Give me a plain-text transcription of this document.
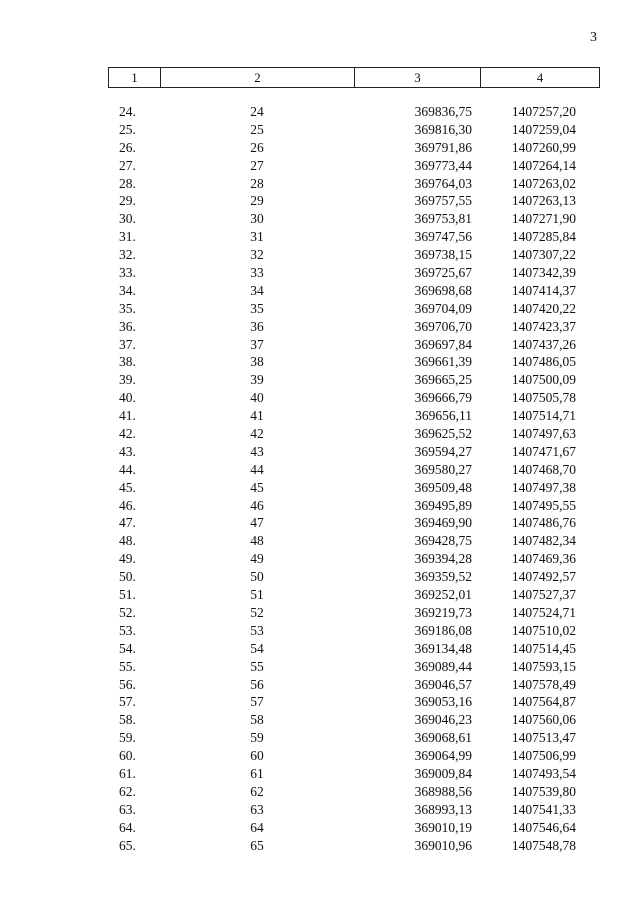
3
1	2	3	4
24.	24	369836,75	1407257,20
25.	25	369816,30	1407259,04
26.	26	369791,86	1407260,99
27.	27	369773,44	1407264,14
28.	28	369764,03	1407263,02
29.	29	369757,55	1407263,13
30.	30	369753,81	1407271,90
31.	31	369747,56	1407285,84
32.	32	369738,15	1407307,22
33.	33	369725,67	1407342,39
34.	34	369698,68	1407414,37
35.	35	369704,09	1407420,22
36.	36	369706,70	1407423,37
37.	37	369697,84	1407437,26
38.	38	369661,39	1407486,05
39.	39	369665,25	1407500,09
40.	40	369666,79	1407505,78
41.	41	369656,11	1407514,71
42.	42	369625,52	1407497,63
43.	43	369594,27	1407471,67
44.	44	369580,27	1407468,70
45.	45	369509,48	1407497,38
46.	46	369495,89	1407495,55
47.	47	369469,90	1407486,76
48.	48	369428,75	1407482,34
49.	49	369394,28	1407469,36
50.	50	369359,52	1407492,57
51.	51	369252,01	1407527,37
52.	52	369219,73	1407524,71
53.	53	369186,08	1407510,02
54.	54	369134,48	1407514,45
55.	55	369089,44	1407593,15
56.	56	369046,57	1407578,49
57.	57	369053,16	1407564,87
58.	58	369046,23	1407560,06
59.	59	369068,61	1407513,47
60.	60	369064,99	1407506,99
61.	61	369009,84	1407493,54
62.	62	368988,56	1407539,80
63.	63	368993,13	1407541,33
64.	64	369010,19	1407546,64
65.	65	369010,96	1407548,78
